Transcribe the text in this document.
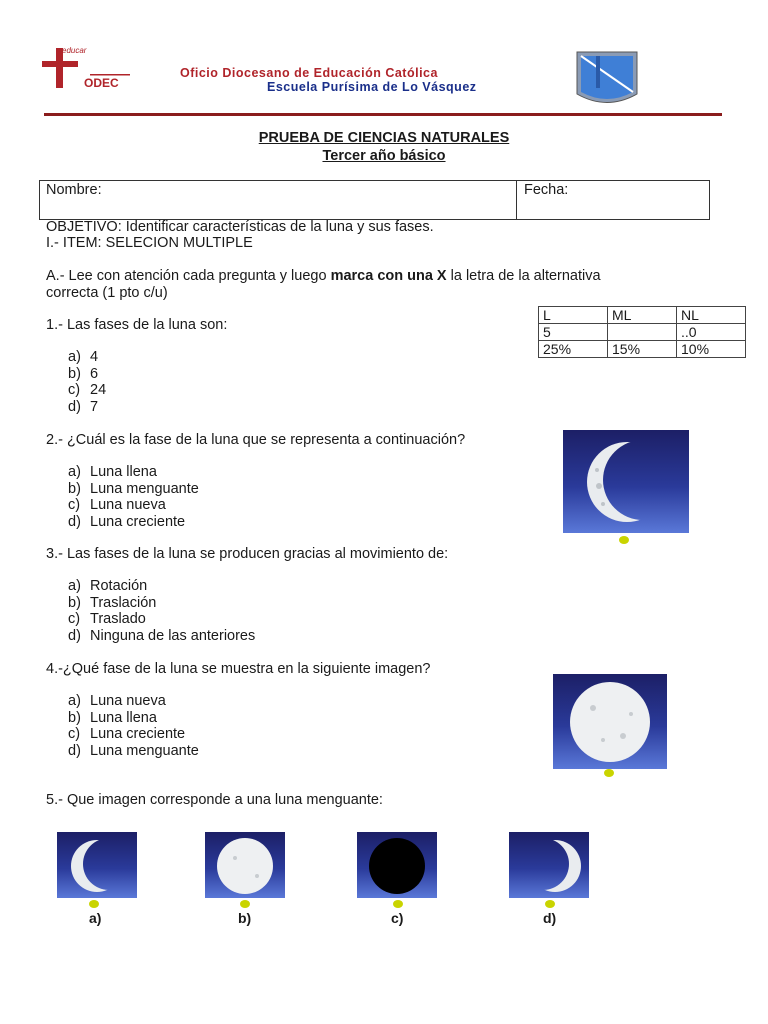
educar
ODEC
Oficio Diocesano de Educación Católica
Escuela Purísima de Lo Vásquez
PRUEBA DE CIENCIAS NATURALES
Tercer año básico
Nombre:	Fecha:
OBJETIVO: Identificar características de la luna y sus fases.
I.- ITEM: SELECION MULTIPLE
A.- Lee con atención cada pregunta y luego marca con una X la letra de la alternativa
correcta (1 pto c/u)
L	ML	NL
5		..0
25%	15%	10%
1.- Las fases de la luna son:
a) 4
b) 6
c) 24
d) 7
2.- ¿Cuál es la fase de la luna que se representa a continuación?
a) Luna llena
b) Luna menguante
c) Luna nueva
d) Luna creciente
3.- Las fases de la luna se producen gracias al movimiento de:
a) Rotación
b) Traslación
c) Traslado
d) Ninguna de las anteriores
4.-¿Qué fase de la luna se muestra en la siguiente imagen?
a) Luna nueva
b) Luna llena
c) Luna creciente
d) Luna menguante
5.- Que imagen corresponde a una luna menguante:
a)	b)	c)	d)
